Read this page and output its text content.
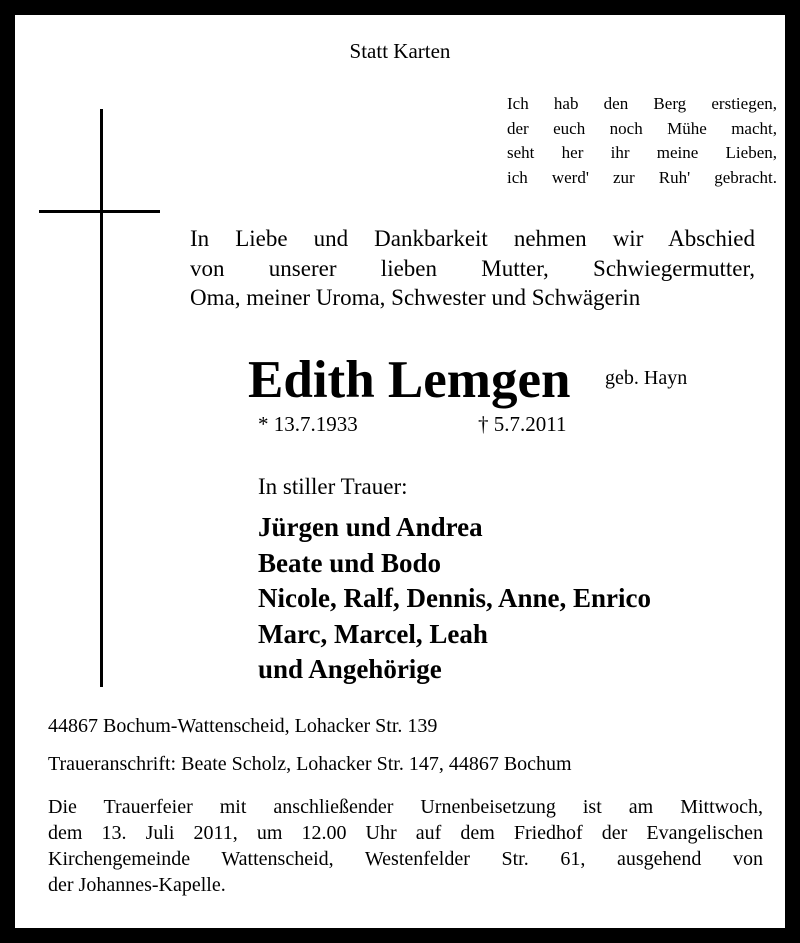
Statt Karten
Ich hab den Berg erstiegen,
der euch noch Mühe macht,
seht her ihr meine Lieben,
ich werd' zur Ruh' gebracht.
In Liebe und Dankbarkeit nehmen wir Abschied
von unserer lieben Mutter, Schwiegermutter,
Oma, meiner Uroma, Schwester und Schwägerin
Edith Lemgen geb. Hayn
* 13.7.1933	† 5.7.2011
In stiller Trauer:
Jürgen und Andrea
Beate und Bodo
Nicole, Ralf, Dennis, Anne, Enrico
Marc, Marcel, Leah
und Angehörige
44867 Bochum-Wattenscheid, Lohacker Str. 139
Traueranschrift: Beate Scholz, Lohacker Str. 147, 44867 Bochum
Die Trauerfeier mit anschließender Urnenbeisetzung ist am Mittwoch,
dem 13. Juli 2011, um 12.00 Uhr auf dem Friedhof der Evangelischen
Kirchengemeinde Wattenscheid, Westenfelder Str. 61, ausgehend von
der Johannes-Kapelle.
